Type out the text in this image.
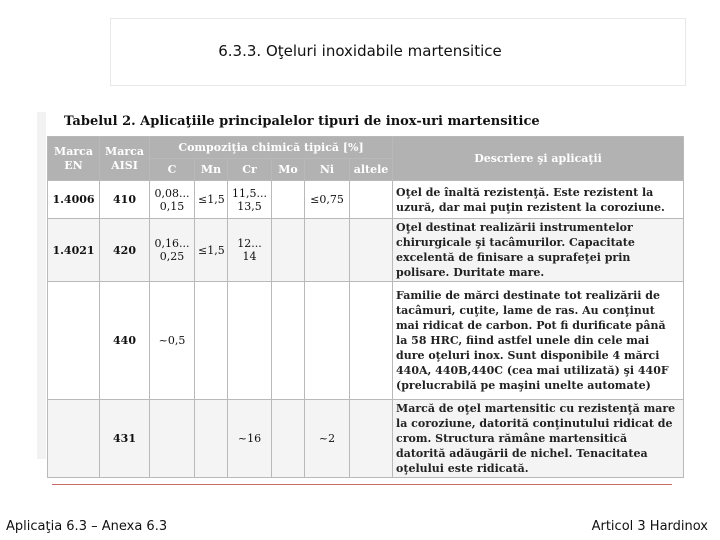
6.3.3. Oţeluri inoxidabile martensitice
Tabelul 2. Aplicaţiile principalelor tipuri de inox-uri martensitice
Marca EN	Marca AISI	Compoziţia chimică tipică [%]						Descriere şi aplicaţii
		C	Mn	Cr	Mo	Ni	altele	
1.4006	410	0,08... 0,15	≤1,5	11,5... 13,5		≤0,75		Oţel de înaltă rezistenţă. Este rezistent la uzură, dar mai puţin rezistent la coroziune.
1.4021	420	0,16... 0,25	≤1,5	12... 14				Oţel destinat realizării instrumentelor chirurgicale şi tacâmurilor. Capacitate excelentă de finisare a suprafeţei prin polisare. Duritate mare.
	440	~0,5						Familie de mărci destinate tot realizării de tacâmuri, cuţite, lame de ras. Au conţinut mai ridicat de carbon. Pot fi durificate până la 58 HRC, fiind astfel unele din cele mai dure oţeluri inox. Sunt disponibile 4 mărci 440A, 440B,440C (cea mai utilizată) şi 440F (prelucrabilă pe maşini unelte automate)
	431			~16		~2		Marcă de oţel martensitic cu rezistenţă mare la coroziune, datorită conţinutului ridicat de crom. Structura rămâne martensitică datorită adăugării de nichel. Tenacitatea oţelului este ridicată.
Aplicaţia 6.3 – Anexa 6.3	Articol 3 Hardinox
